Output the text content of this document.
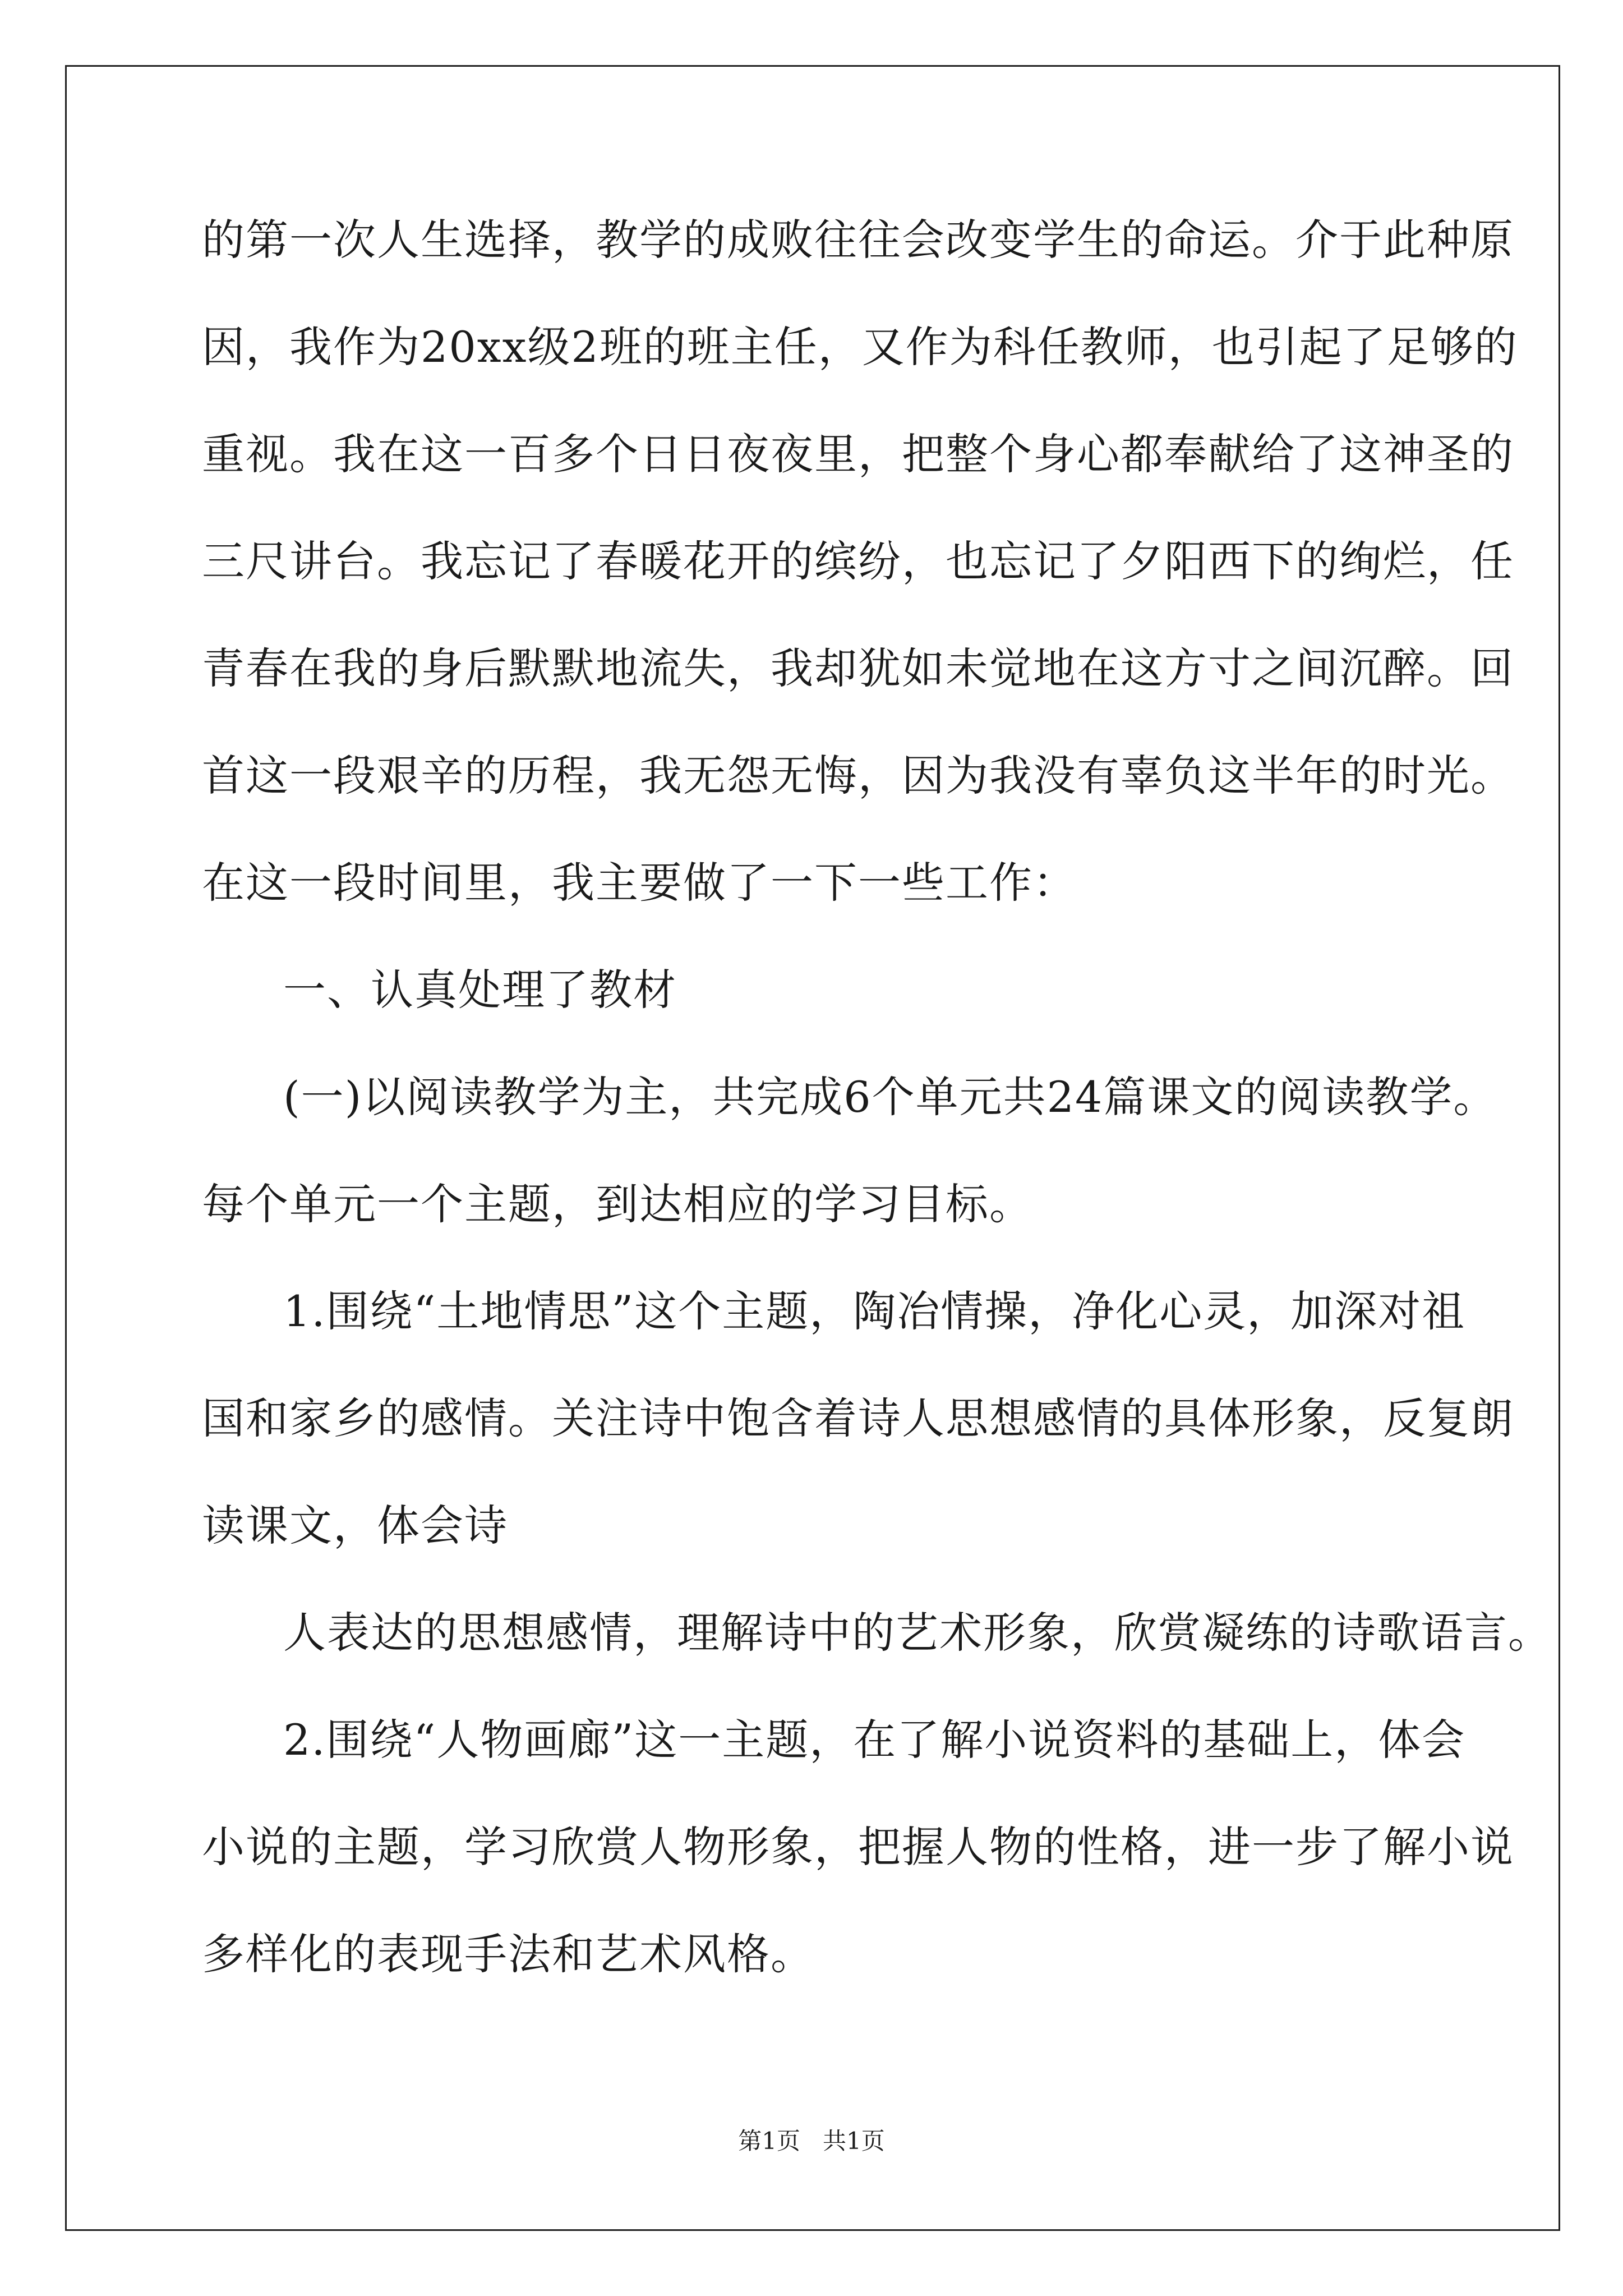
的第一次人生选择，教学的成败往往会改变学生的命运。介于此种原
因，我作为20xx级2班的班主任，又作为科任教师，也引起了足够的
重视。我在这一百多个日日夜夜里，把整个身心都奉献给了这神圣的
三尺讲台。我忘记了春暖花开的缤纷，也忘记了夕阳西下的绚烂，任
青春在我的身后默默地流失，我却犹如未觉地在这方寸之间沉醉。回
首这一段艰辛的历程，我无怨无悔，因为我没有辜负这半年的时光。
在这一段时间里，我主要做了一下一些工作：
一、认真处理了教材
(一)以阅读教学为主，共完成6个单元共24篇课文的阅读教学。
每个单元一个主题，到达相应的学习目标。
1.围绕“土地情思”这个主题，陶冶情操，净化心灵，加深对祖
国和家乡的感情。关注诗中饱含着诗人思想感情的具体形象，反复朗
读课文，体会诗
人表达的思想感情，理解诗中的艺术形象，欣赏凝练的诗歌语言。
2.围绕“人物画廊”这一主题，在了解小说资料的基础上，体会
小说的主题，学习欣赏人物形象，把握人物的性格，进一步了解小说
多样化的表现手法和艺术风格。
第1页   共1页
